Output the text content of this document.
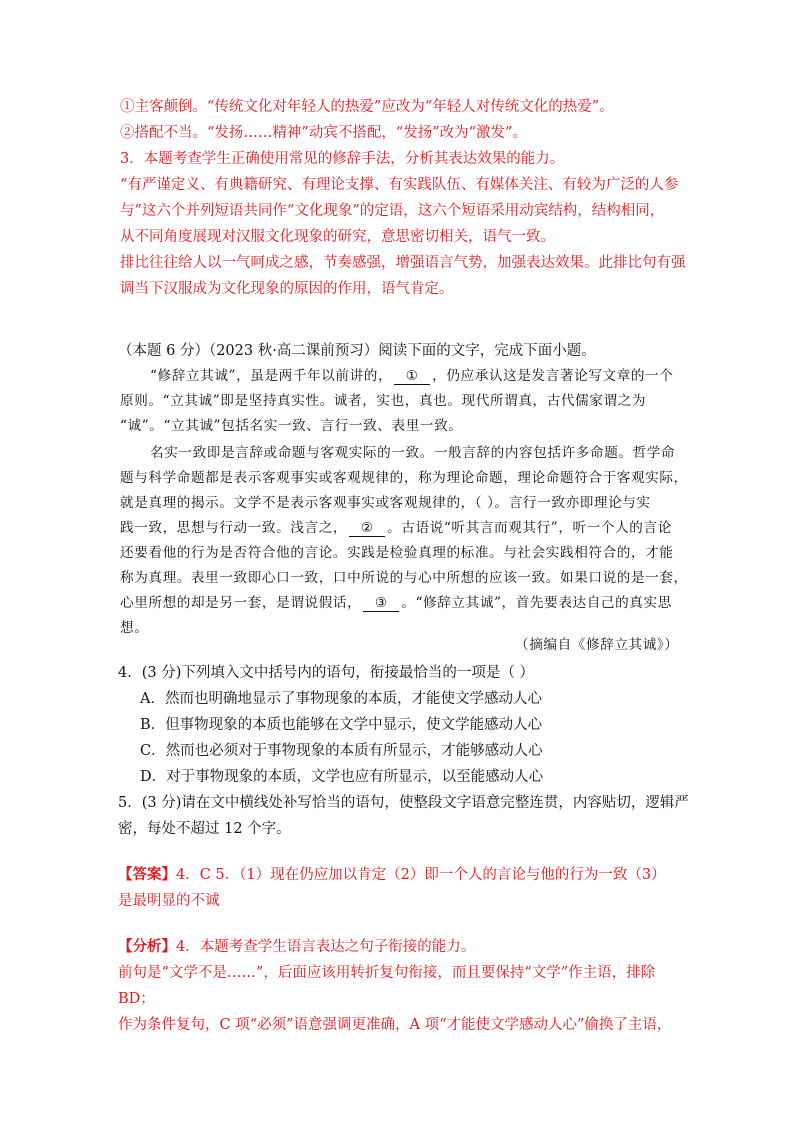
①主客颠倒。“传统文化对年轻人的热爱”应改为“年轻人对传统文化的热爱”。
②搭配不当。“发扬……精神”动宾不搭配，“发扬”改为“激发”。
3．本题考查学生正确使用常见的修辞手法，分析其表达效果的能力。
“有严谨定义、有典籍研究、有理论支撑、有实践队伍、有媒体关注、有较为广泛的人参
与”这六个并列短语共同作“文化现象”的定语，这六个短语采用动宾结构，结构相同，
从不同角度展现对汉服文化现象的研究，意思密切相关，语气一致。
排比往往给人以一气呵成之感，节奏感强，增强语言气势，加强表达效果。此排比句有强
调当下汉服成为文化现象的原因的作用，语气肯定。
（本题 6 分）（2023 秋·高二课前预习）阅读下面的文字，完成下面小题。
“修辞立其诚”，虽是两千年以前讲的， ① ，仍应承认这是发言著论写文章的一个
原则。“立其诚”即是坚持真实性。诚者，实也，真也。现代所谓真，古代儒家谓之为
“诚”。“立其诚”包括名实一致、言行一致、表里一致。
名实一致即是言辞或命题与客观实际的一致。一般言辞的内容包括许多命题。哲学命
题与科学命题都是表示客观事实或客观规律的，称为理论命题，理论命题符合于客观实际，
就是真理的揭示。文学不是表示客观事实或客观规律的，（ ）。言行一致亦即理论与实
践一致，思想与行动一致。浅言之， ② 。古语说“听其言而观其行”，听一个人的言论
还要看他的行为是否符合他的言论。实践是检验真理的标准。与社会实践相符合的，才能
称为真理。表里一致即心口一致，口中所说的与心中所想的应该一致。如果口说的是一套，
心里所想的却是另一套，是谓说假话， ③ 。“修辞立其诚”，首先要表达自己的真实思
想。
（摘编自《修辞立其诚》）
4．(3 分)下列填入文中括号内的语句，衔接最恰当的一项是（ ）
A．然而也明确地显示了事物现象的本质，才能使文学感动人心
B．但事物现象的本质也能够在文学中显示，使文学能感动人心
C．然而也必须对于事物现象的本质有所显示，才能够感动人心
D．对于事物现象的本质，文学也应有所显示，以至能感动人心
5．(3 分)请在文中横线处补写恰当的语句，使整段文字语意完整连贯，内容贴切，逻辑严
密，每处不超过 12 个字。
【答案】4．C 5．（1）现在仍应加以肯定（2）即一个人的言论与他的行为一致（3）
是最明显的不诚
【分析】4．本题考查学生语言表达之句子衔接的能力。
前句是“文学不是……”，后面应该用转折复句衔接，而且要保持“文学”作主语，排除
BD；
作为条件复句，C 项“必须”语意强调更准确，A 项“才能使文学感动人心”偷换了主语，
